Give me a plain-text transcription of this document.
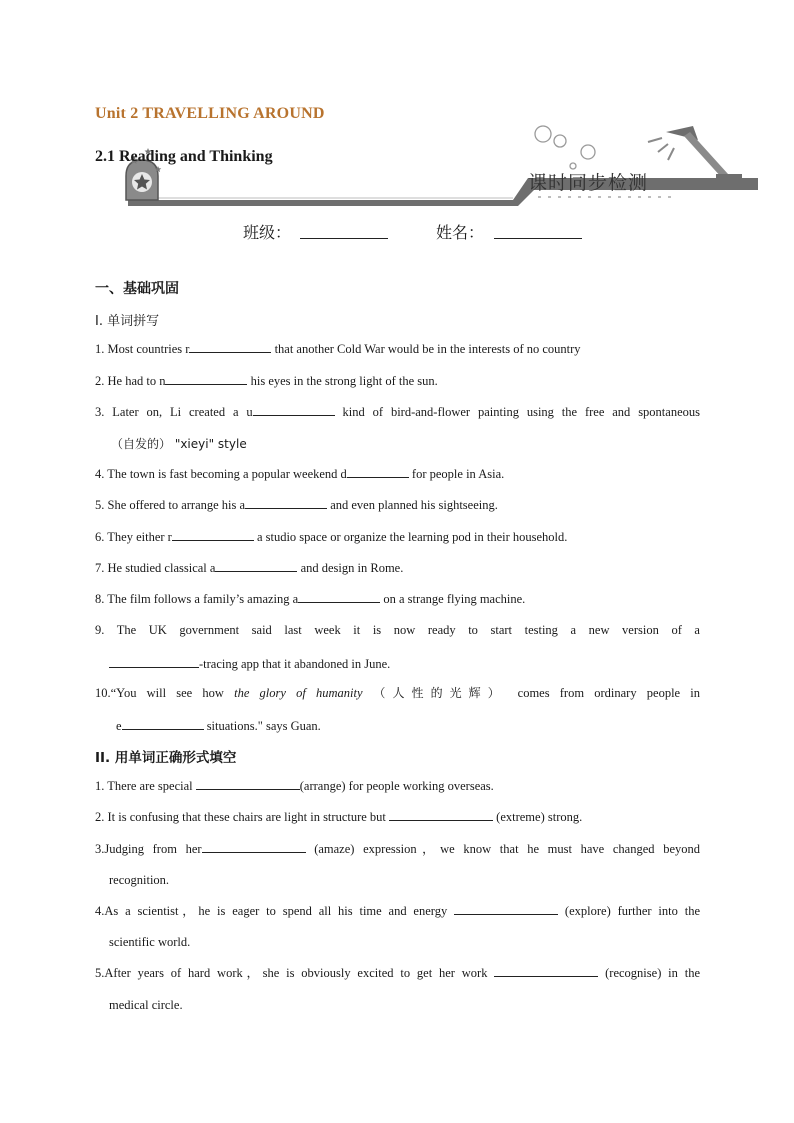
Unit 2 TRAVELLING AROUND
2.1 Reading and Thinking
课时同步检测
班级：	姓名：
一、基础巩固
I. 单词拼写
1. Most countries r	that another Cold War would be in the interests of no country
2. He had to n	his eyes in the strong light of the sun.
3. Later on, Li created a u	kind of bird-and-flower painting using the free and spontaneous
（自发的） "xieyi" style
4. The town is fast becoming a popular weekend d	for people in Asia.
5. She offered to arrange his a	and even planned his sightseeing.
6. They either r	a studio space or organize the learning pod in their household.
7. He studied classical a	and design in Rome.
8. The film follows a family’s amazing a	on a strange flying machine.
9. The UK government said last week it is now ready to start testing a new version of a
-tracing app that it abandoned in June.
10.“You will see how the glory of humanity （人性的光辉） comes from ordinary people in
e	situations." says Guan.
II. 用单词正确形式填空
1. There are special	(arrange) for people working overseas.
2. It is confusing that these chairs are light in structure but	(extreme) strong.
3.Judging from her	(amaze) expression，we know that he must have changed beyond
recognition.
4.As a scientist，he is eager to spend all his time and energy	(explore) further into the
scientific world.
5.After years of hard work，she is obviously excited to get her work	(recognise) in the
medical circle.
